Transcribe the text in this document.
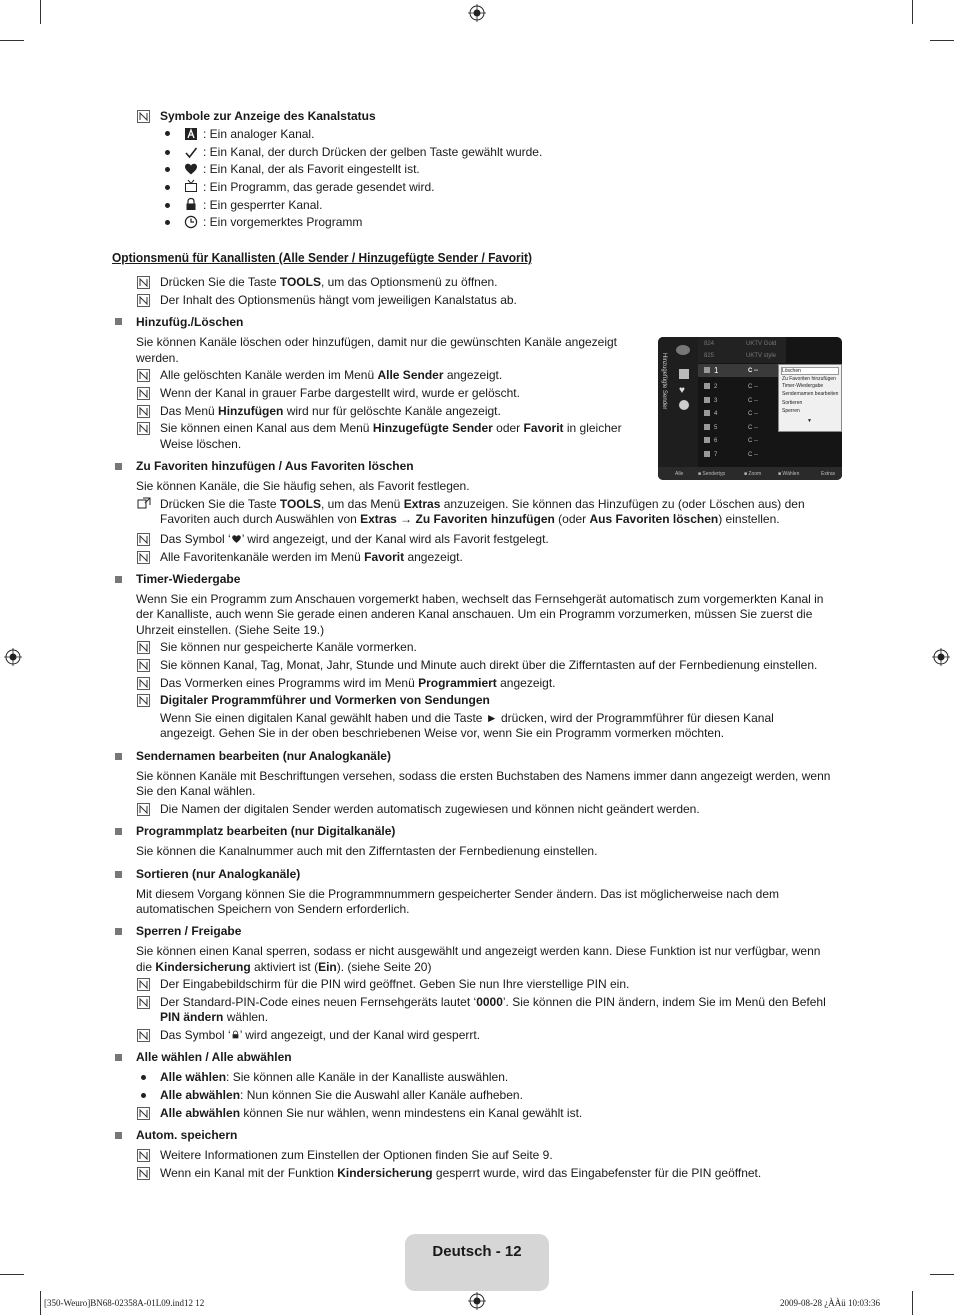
Symbole zur Anzeige des Kanalstatus
: Ein analoger Kanal.
: Ein Kanal, der durch Drücken der gelben Taste gewählt wurde.
: Ein Kanal, der als Favorit eingestellt ist.
: Ein Programm, das gerade gesendet wird.
: Ein gesperrter Kanal.
: Ein vorgemerktes Programm
Optionsmenü für Kanallisten (Alle Sender / Hinzugefügte Sender / Favorit)
Drücken Sie die Taste TOOLS, um das Optionsmenü zu öffnen.
Der Inhalt des Optionsmenüs hängt vom jeweiligen Kanalstatus ab.
Hinzufüg./Löschen
Sie können Kanäle löschen oder hinzufügen, damit nur die gewünschten Kanäle angezeigt
werden.
Alle gelöschten Kanäle werden im Menü Alle Sender angezeigt.
Wenn der Kanal in grauer Farbe dargestellt wird, wurde er gelöscht.
Das Menü Hinzufügen wird nur für gelöschte Kanäle angezeigt.
Sie können einen Kanal aus dem Menü Hinzugefügte Sender oder Favorit in gleicher
Weise löschen.
Hinzugefügte Sender ♥
824	UKTV Gold
825	UKTV style
1	C --
2	C --
3	C --
4	C --
5	C --
6	C --
7	C --
Löschen
Zu Favoriten hinzufügen
Timer-Wiedergabe
Sendernamen bearbeiten
Sortieren
Sperren
▼
Alle	■ Sendertyp	■ Zoom	■ Wählen	Extras
Zu Favoriten hinzufügen / Aus Favoriten löschen
Sie können Kanäle, die Sie häufig sehen, als Favorit festlegen.
Drücken Sie die Taste TOOLS, um das Menü Extras anzuzeigen. Sie können das Hinzufügen zu (oder Löschen aus) den
Favoriten auch durch Auswählen von Extras → Zu Favoriten hinzufügen (oder Aus Favoriten löschen) einstellen.
Das Symbol ‘ ’ wird angezeigt, und der Kanal wird als Favorit festgelegt.
Alle Favoritenkanäle werden im Menü Favorit angezeigt.
Timer-Wiedergabe
Wenn Sie ein Programm zum Anschauen vorgemerkt haben, wechselt das Fernsehgerät automatisch zum vorgemerkten Kanal in
der Kanalliste, auch wenn Sie gerade einen anderen Kanal anschauen. Um ein Programm vorzumerken, müssen Sie zuerst die
Uhrzeit einstellen. (Siehe Seite 19.)
Sie können nur gespeicherte Kanäle vormerken.
Sie können Kanal, Tag, Monat, Jahr, Stunde und Minute auch direkt über die Zifferntasten auf der Fernbedienung einstellen.
Das Vormerken eines Programms wird im Menü Programmiert angezeigt.
Digitaler Programmführer und Vormerken von Sendungen
Wenn Sie einen digitalen Kanal gewählt haben und die Taste ► drücken, wird der Programmführer für diesen Kanal
angezeigt. Gehen Sie in der oben beschriebenen Weise vor, wenn Sie ein Programm vormerken möchten.
Sendernamen bearbeiten (nur Analogkanäle)
Sie können Kanäle mit Beschriftungen versehen, sodass die ersten Buchstaben des Namens immer dann angezeigt werden, wenn
Sie den Kanal wählen.
Die Namen der digitalen Sender werden automatisch zugewiesen und können nicht geändert werden.
Programmplatz bearbeiten (nur Digitalkanäle)
Sie können die Kanalnummer auch mit den Zifferntasten der Fernbedienung einstellen.
Sortieren (nur Analogkanäle)
Mit diesem Vorgang können Sie die Programmnummern gespeicherter Sender ändern. Das ist möglicherweise nach dem
automatischen Speichern von Sendern erforderlich.
Sperren / Freigabe
Sie können einen Kanal sperren, sodass er nicht ausgewählt und angezeigt werden kann. Diese Funktion ist nur verfügbar, wenn
die Kindersicherung aktiviert ist (Ein). (siehe Seite 20)
Der Eingabebildschirm für die PIN wird geöffnet. Geben Sie nun Ihre vierstellige PIN ein.
Der Standard-PIN-Code eines neuen Fernsehgeräts lautet ‘0000’. Sie können die PIN ändern, indem Sie im Menü den Befehl
PIN ändern wählen.
Das Symbol ‘ ’ wird angezeigt, und der Kanal wird gesperrt.
Alle wählen / Alle abwählen
Alle wählen: Sie können alle Kanäle in der Kanalliste auswählen.
Alle abwählen: Nun können Sie die Auswahl aller Kanäle aufheben.
Alle abwählen können Sie nur wählen, wenn mindestens ein Kanal gewählt ist.
Autom. speichern
Weitere Informationen zum Einstellen der Optionen finden Sie auf Seite 9.
Wenn ein Kanal mit der Funktion Kindersicherung gesperrt wurde, wird das Eingabefenster für die PIN geöffnet.
Deutsch - 12
[350-Weuro]BN68-02358A-01L09.ind12 12	2009-08-28 ¿ÀÀü 10:03:36
